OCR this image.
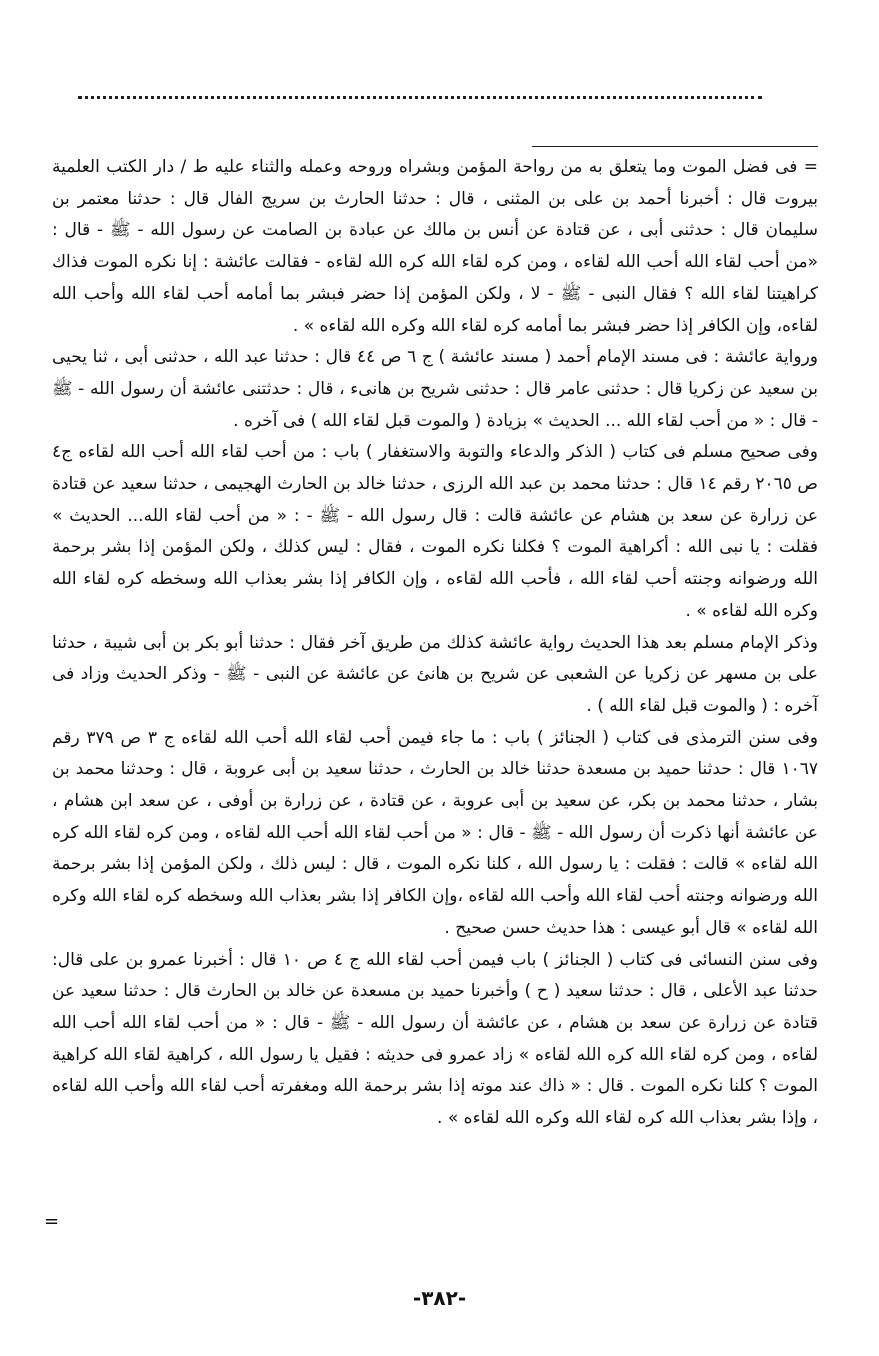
= فى فضل الموت وما يتعلق به من رواحة المؤمن وبشراه وروحه وعمله والثناء عليه ط / دار الكتب العلمية بيروت قال : أخبرنا أحمد بن على بن المثنى ، قال : حدثنا الحارث بن سريج الفال قال : حدثنا معتمر بن سليمان قال : حدثنى أبى ، عن قتادة عن أنس بن مالك عن عبادة بن الصامت عن رسول الله - ﷺ - قال : «من أحب لقاء الله أحب الله لقاءه ، ومن كره لقاء الله كره الله لقاءه - فقالت عائشة : إنا نكره الموت فذاك كراهيتنا لقاء الله ؟ فقال النبى - ﷺ - لا ، ولكن المؤمن إذا حضر فبشر بما أمامه أحب لقاء الله وأحب الله لقاءه، وإن الكافر إذا حضر فبشر بما أمامه كره لقاء الله وكره الله لقاءه » .

ورواية عائشة : فى مسند الإمام أحمد ( مسند عائشة ) ج ٦ ص ٤٤ قال : حدثنا عبد الله ، حدثنى أبى ، ثنا يحيى بن سعيد عن زكريا قال : حدثنى عامر قال : حدثنى شريح بن هانىء ، قال : حدثتنى عائشة أن رسول الله - ﷺ - قال : « من أحب لقاء الله ... الحديث » بزيادة ( والموت قبل لقاء الله ) فى آخره .

وفى صحيح مسلم فى كتاب ( الذكر والدعاء والتوبة والاستغفار ) باب : من أحب لقاء الله أحب الله لقاءه ج٤ ص ٢٠٦٥ رقم ١٤ قال : حدثنا محمد بن عبد الله الرزى ، حدثنا خالد بن الحارث الهجيمى ، حدثنا سعيد عن قتادة عن زرارة عن سعد بن هشام عن عائشة قالت : قال رسول الله - ﷺ - : « من أحب لقاء الله... الحديث » فقلت : يا نبى الله : أكراهية الموت ؟ فكلنا نكره الموت ، فقال : ليس كذلك ، ولكن المؤمن إذا بشر برحمة الله ورضوانه وجنته أحب لقاء الله ، فأحب الله لقاءه ، وإن الكافر إذا بشر بعذاب الله وسخطه كره لقاء الله وكره الله لقاءه » .

وذكر الإمام مسلم بعد هذا الحديث رواية عائشة كذلك من طريق آخر فقال : حدثنا أبو بكر بن أبى شيبة ، حدثنا على بن مسهر عن زكريا عن الشعبى عن شريح بن هانئ عن عائشة عن النبى - ﷺ - وذكر الحديث وزاد فى آخره : ( والموت قبل لقاء الله ) .

وفى سنن الترمذى فى كتاب ( الجنائز ) باب : ما جاء فيمن أحب لقاء الله أحب الله لقاءه ج ٣ ص ٣٧٩ رقم ١٠٦٧ قال : حدثنا حميد بن مسعدة حدثنا خالد بن الحارث ، حدثنا سعيد بن أبى عروبة ، قال : وحدثنا محمد بن بشار ، حدثنا محمد بن بكر، عن سعيد بن أبى عروبة ، عن قتادة ، عن زرارة بن أوفى ، عن سعد ابن هشام ، عن عائشة أنها ذكرت أن رسول الله - ﷺ - قال : « من أحب لقاء الله أحب الله لقاءه ، ومن كره لقاء الله كره الله لقاءه » قالت : فقلت : يا رسول الله ، كلنا نكره الموت ، قال : ليس ذلك ، ولكن المؤمن إذا بشر برحمة الله ورضوانه وجنته أحب لقاء الله وأحب الله لقاءه ،وإن الكافر إذا بشر بعذاب الله وسخطه كره لقاء الله وكره الله لقاءه » قال أبو عيسى : هذا حديث حسن صحيح .

وفى سنن النسائى فى كتاب ( الجنائز ) باب فيمن أحب لقاء الله ج ٤ ص ١٠ قال : أخبرنا عمرو بن على قال: حدثنا عبد الأعلى ، قال : حدثنا سعيد ( ح ) وأخبرنا حميد بن مسعدة عن خالد بن الحارث قال : حدثنا سعيد عن قتادة عن زرارة عن سعد بن هشام ، عن عائشة أن رسول الله - ﷺ - قال : « من أحب لقاء الله أحب الله لقاءه ، ومن كره لقاء الله كره الله لقاءه » زاد عمرو فى حديثه : فقيل يا رسول الله ، كراهية لقاء الله كراهية الموت ؟ كلنا نكره الموت . قال : « ذاك عند موته إذا بشر برحمة الله ومغفرته أحب لقاء الله وأحب الله لقاءه ، وإذا بشر بعذاب الله كره لقاء الله وكره الله لقاءه » .

=
-٣٨٢-
